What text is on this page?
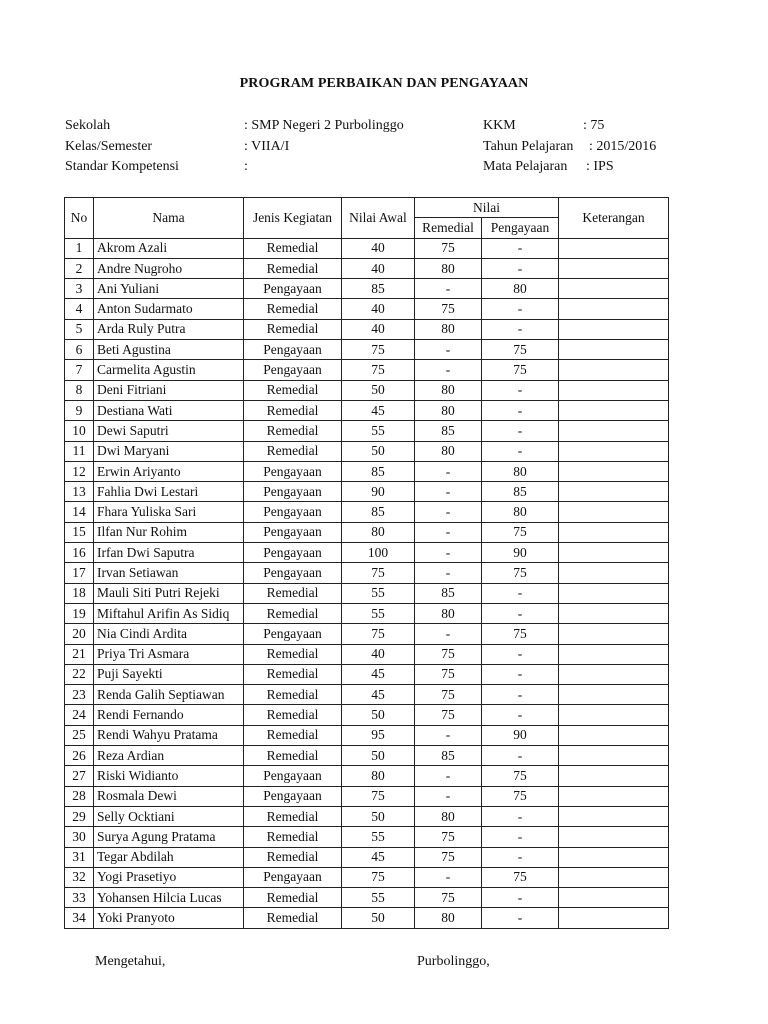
PROGRAM PERBAIKAN DAN PENGAYAAN
Sekolah	: SMP Negeri 2 Purbolinggo	KKM	: 75
Kelas/Semester	: VIIA/I	Tahun Pelajaran : 2015/2016
Standar Kompetensi	:	Mata Pelajaran : IPS
No	Nama	Jenis Kegiatan	Nilai Awal	Nilai		Keterangan
				Remedial	Pengayaan	
1	Akrom Azali	Remedial	40	75	-	
2	Andre Nugroho	Remedial	40	80	-	
3	Ani Yuliani	Pengayaan	85	-	80	
4	Anton Sudarmato	Remedial	40	75	-	
5	Arda Ruly Putra	Remedial	40	80	-	
6	Beti Agustina	Pengayaan	75	-	75	
7	Carmelita Agustin	Pengayaan	75	-	75	
8	Deni Fitriani	Remedial	50	80	-	
9	Destiana Wati	Remedial	45	80	-	
10	Dewi Saputri	Remedial	55	85	-	
11	Dwi Maryani	Remedial	50	80	-	
12	Erwin Ariyanto	Pengayaan	85	-	80	
13	Fahlia Dwi Lestari	Pengayaan	90	-	85	
14	Fhara Yuliska Sari	Pengayaan	85	-	80	
15	Ilfan Nur Rohim	Pengayaan	80	-	75	
16	Irfan Dwi Saputra	Pengayaan	100	-	90	
17	Irvan Setiawan	Pengayaan	75	-	75	
18	Mauli Siti Putri Rejeki	Remedial	55	85	-	
19	Miftahul Arifin As Sidiq	Remedial	55	80	-	
20	Nia Cindi Ardita	Pengayaan	75	-	75	
21	Priya Tri Asmara	Remedial	40	75	-	
22	Puji Sayekti	Remedial	45	75	-	
23	Renda Galih Septiawan	Remedial	45	75	-	
24	Rendi Fernando	Remedial	50	75	-	
25	Rendi Wahyu Pratama	Remedial	95	-	90	
26	Reza Ardian	Remedial	50	85	-	
27	Riski Widianto	Pengayaan	80	-	75	
28	Rosmala Dewi	Pengayaan	75	-	75	
29	Selly Ocktiani	Remedial	50	80	-	
30	Surya Agung Pratama	Remedial	55	75	-	
31	Tegar Abdilah	Remedial	45	75	-	
32	Yogi Prasetiyo	Pengayaan	75	-	75	
33	Yohansen Hilcia Lucas	Remedial	55	75	-	
34	Yoki Pranyoto	Remedial	50	80	-	
Mengetahui,	Purbolinggo,
